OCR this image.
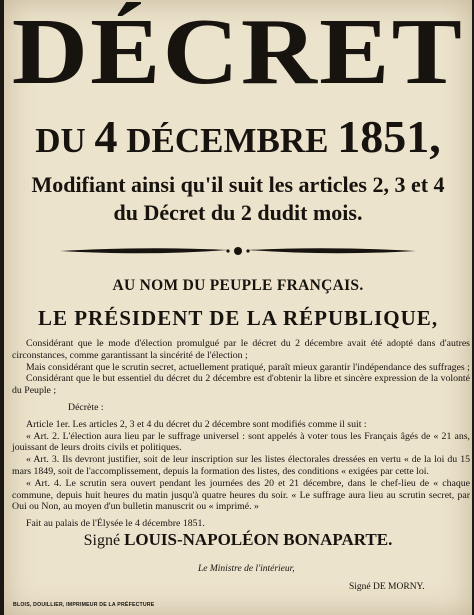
DÉCRET
DU 4 DÉCEMBRE 1851,
Modifiant ainsi qu'il suit les articles 2, 3 et 4
du Décret du 2 dudit mois.
AU NOM DU PEUPLE FRANÇAIS.
LE PRÉSIDENT DE LA RÉPUBLIQUE,

Considérant que le mode d'élection promulgué par le décret du 2 décembre avait été adopté dans d'autres circonstances, comme garantissant la sincérité de l'élection ;

Mais considérant que le scrutin secret, actuellement pratiqué, paraît mieux garantir l'indépendance des suffrages ;

Considérant que le but essentiel du décret du 2 décembre est d'obtenir la libre et sincère expression de la volonté du Peuple ;

Décrète :

Article 1er. Les articles 2, 3 et 4 du décret du 2 décembre sont modifiés comme il suit :

« Art. 2. L'élection aura lieu par le suffrage universel : sont appelés à voter tous les Français âgés de « 21 ans, jouissant de leurs droits civils et politiques.

« Art. 3. Ils devront justifier, soit de leur inscription sur les listes électorales dressées en vertu « de la loi du 15 mars 1849, soit de l'accomplissement, depuis la formation des listes, des conditions « exigées par cette loi.

« Art. 4. Le scrutin sera ouvert pendant les journées des 20 et 21 décembre, dans le chef-lieu de « chaque commune, depuis huit heures du matin jusqu'à quatre heures du soir. « Le suffrage aura lieu au scrutin secret, par Oui ou Non, au moyen d'un bulletin manuscrit ou « imprimé. »

Fait au palais de l'Élysée le 4 décembre 1851.

Signé LOUIS-NAPOLÉON BONAPARTE.
Le Ministre de l'intérieur,
Signé DE MORNY.
BLOIS, DOUILLIER, IMPRIMEUR DE LA PRÉFECTURE
